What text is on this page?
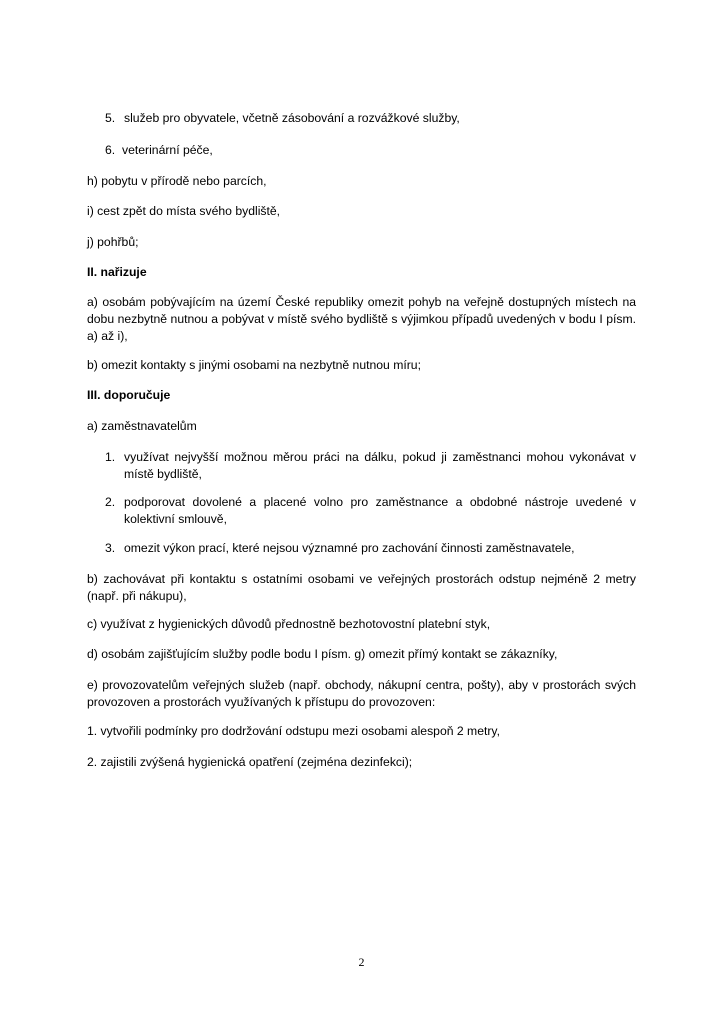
5. služeb pro obyvatele, včetně zásobování a rozvážkové služby,
6. veterinární péče,

h) pobytu v přírodě nebo parcích,

i) cest zpět do místa svého bydliště,

j) pohřbů;

II. nařizuje

a) osobám pobývajícím na území České republiky omezit pohyb na veřejně dostupných místech na dobu nezbytně nutnou a pobývat v místě svého bydliště s výjimkou případů uvedených v bodu I písm. a) až i),

b) omezit kontakty s jinými osobami na nezbytně nutnou míru;

III. doporučuje

a) zaměstnavatelům

1. využívat nejvyšší možnou měrou práci na dálku, pokud ji zaměstnanci mohou vykonávat v místě bydliště,
2. podporovat dovolené a placené volno pro zaměstnance a obdobné nástroje uvedené v kolektivní smlouvě,
3. omezit výkon prací, které nejsou významné pro zachování činnosti zaměstnavatele,

b) zachovávat při kontaktu s ostatními osobami ve veřejných prostorách odstup nejméně 2 metry (např. při nákupu),

c) využívat z hygienických důvodů přednostně bezhotovostní platební styk,

d) osobám zajišťujícím služby podle bodu I písm. g) omezit přímý kontakt se zákazníky,

e) provozovatelům veřejných služeb (např. obchody, nákupní centra, pošty), aby v prostorách svých provozoven a prostorách využívaných k přístupu do provozoven:

1. vytvořili podmínky pro dodržování odstupu mezi osobami alespoň 2 metry,

2. zajistili zvýšená hygienická opatření (zejména dezinfekci);

2
